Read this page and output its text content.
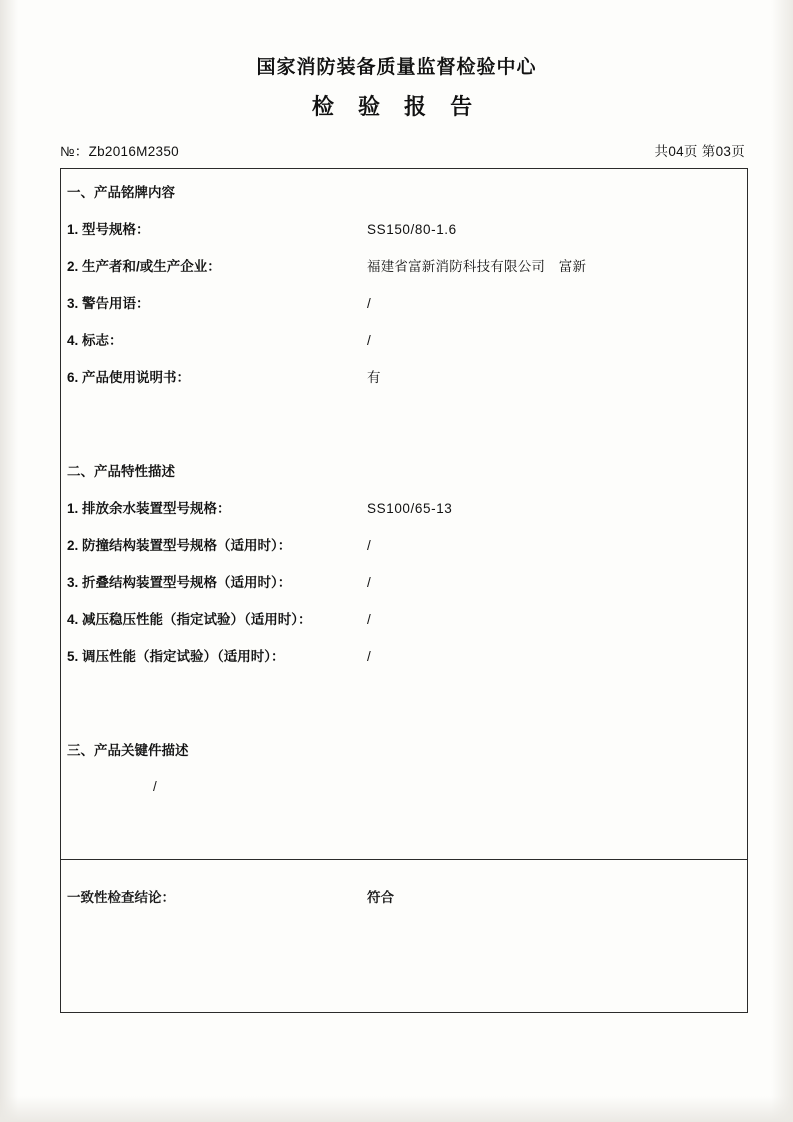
国家消防装备质量监督检验中心
检 验 报 告
№：Zb2016M2350	共04页 第03页
一、产品铭牌内容
1. 型号规格：	SS150/80-1.6
2. 生产者和/或生产企业：	福建省富新消防科技有限公司　富新
3. 警告用语：	/
4. 标志：	/
6. 产品使用说明书：	有
二、产品特性描述
1. 排放余水装置型号规格：	SS100/65-13
2. 防撞结构装置型号规格（适用时）：	/
3. 折叠结构装置型号规格（适用时）：	/
4. 减压稳压性能（指定试验）（适用时）：	/
5. 调压性能（指定试验）（适用时）：	/
三、产品关键件描述
/
一致性检查结论：	符合
